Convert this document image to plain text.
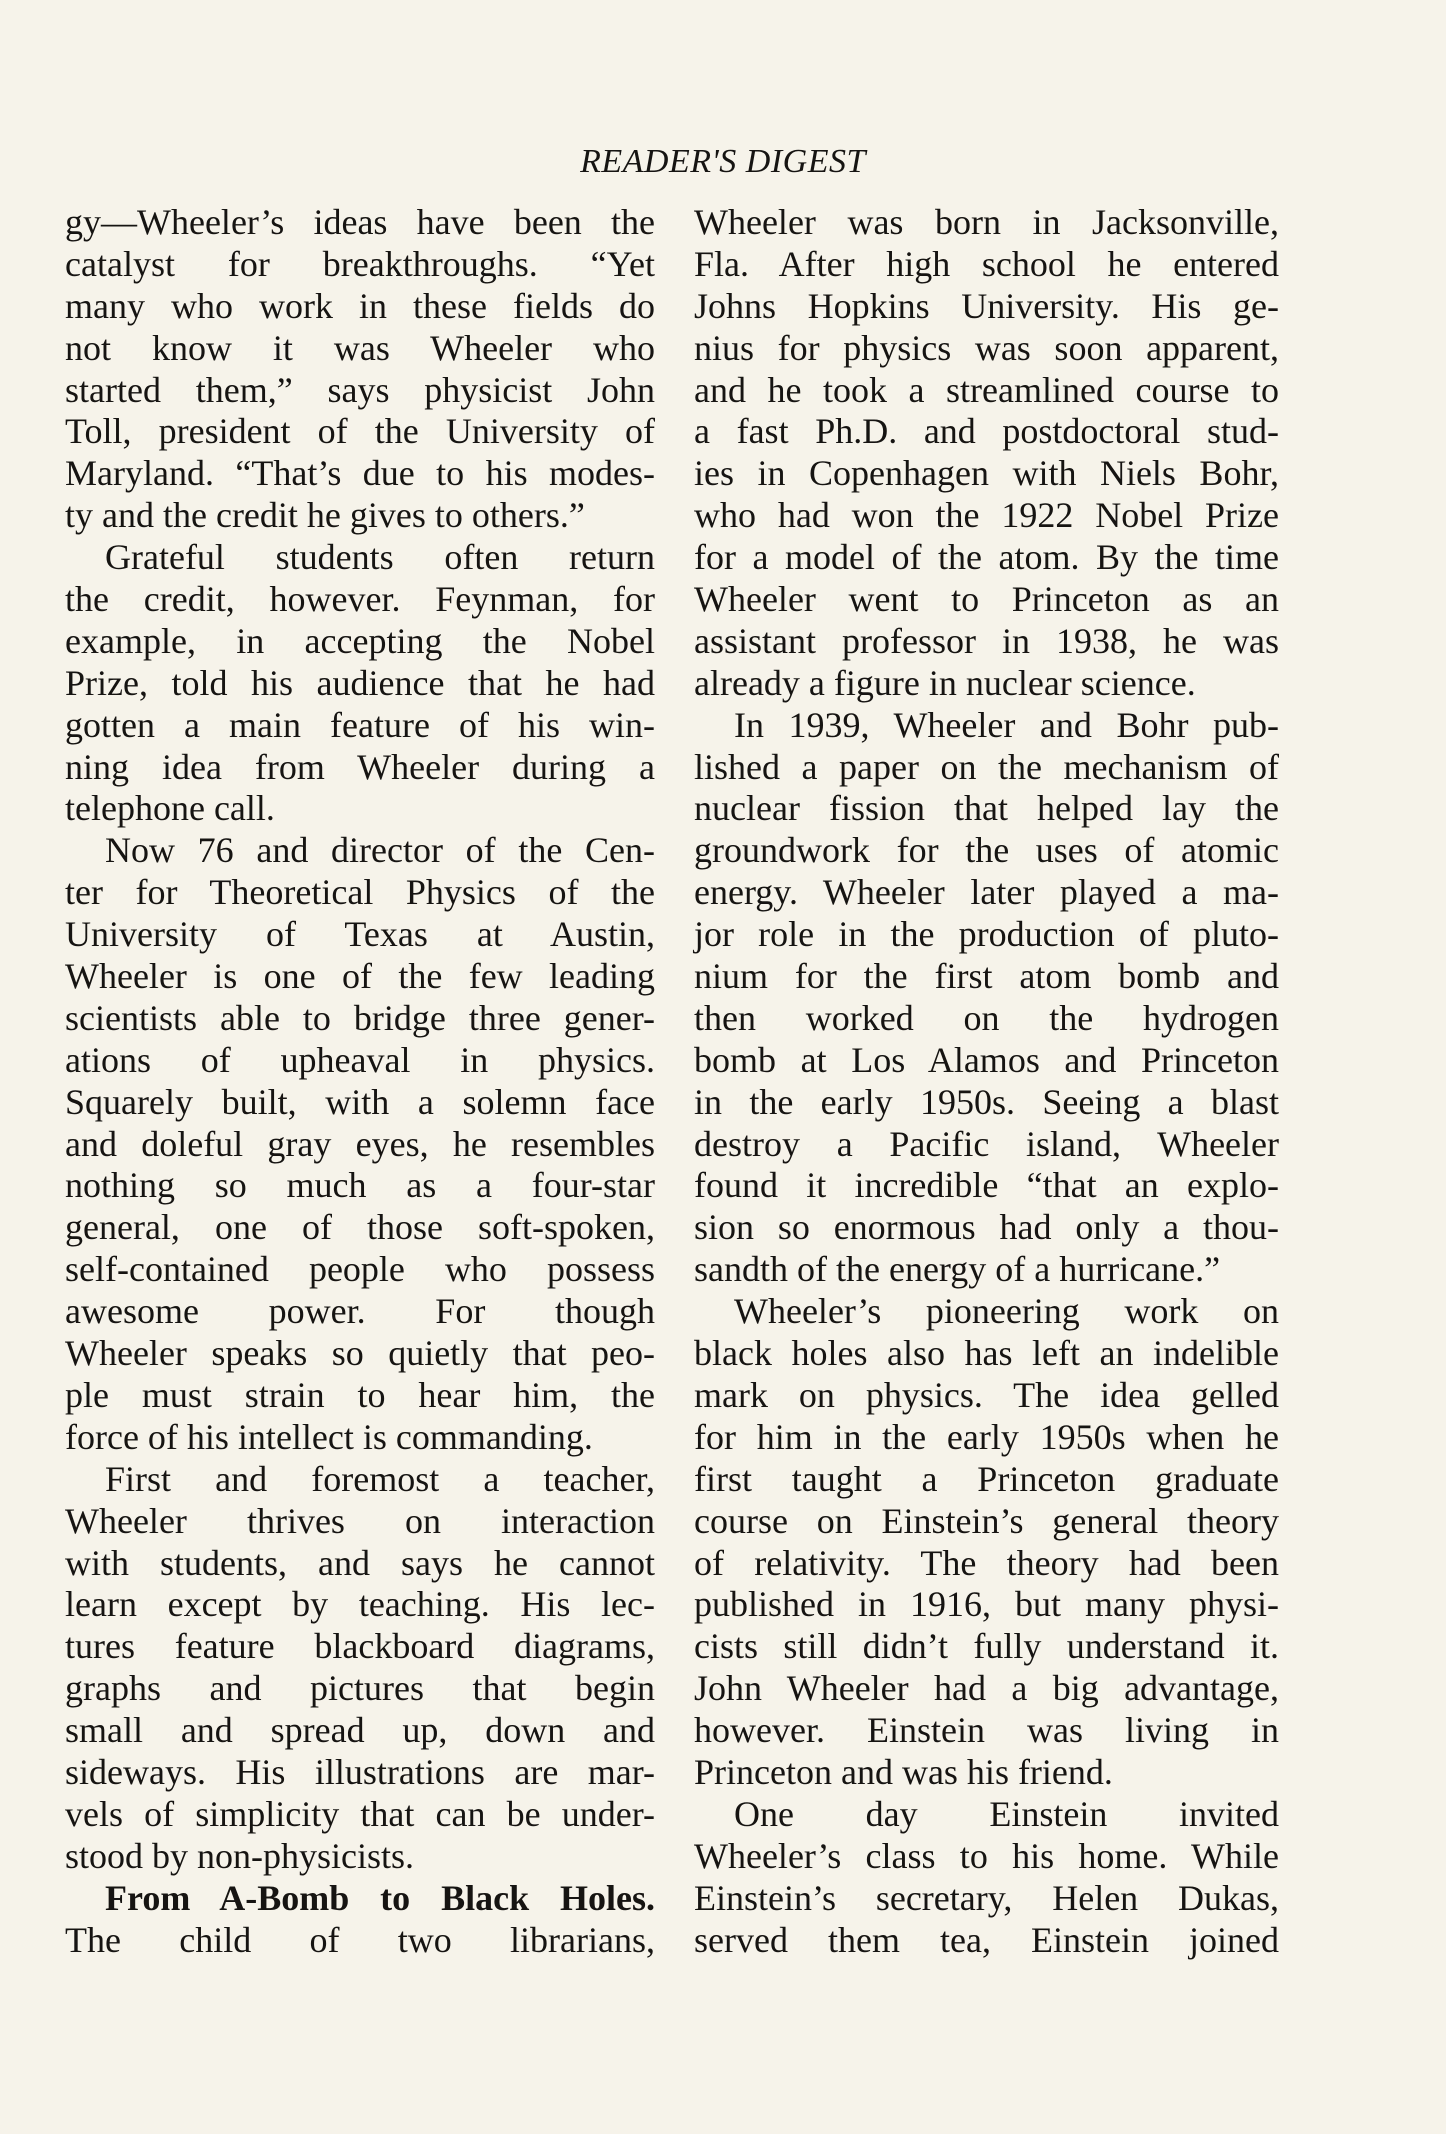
READER'S DIGEST
gy—Wheeler’s ideas have been the
catalyst for breakthroughs. “Yet
many who work in these fields do
not know it was Wheeler who
started them,” says physicist John
Toll, president of the University of
Maryland. “That’s due to his modes-
ty and the credit he gives to others.”
Grateful students often return
the credit, however. Feynman, for
example, in accepting the Nobel
Prize, told his audience that he had
gotten a main feature of his win-
ning idea from Wheeler during a
telephone call.
Now 76 and director of the Cen-
ter for Theoretical Physics of the
University of Texas at Austin,
Wheeler is one of the few leading
scientists able to bridge three gener-
ations of upheaval in physics.
Squarely built, with a solemn face
and doleful gray eyes, he resembles
nothing so much as a four-star
general, one of those soft-spoken,
self-contained people who possess
awesome power. For though
Wheeler speaks so quietly that peo-
ple must strain to hear him, the
force of his intellect is commanding.
First and foremost a teacher,
Wheeler thrives on interaction
with students, and says he cannot
learn except by teaching. His lec-
tures feature blackboard diagrams,
graphs and pictures that begin
small and spread up, down and
sideways. His illustrations are mar-
vels of simplicity that can be under-
stood by non-physicists.
From A-Bomb to Black Holes.
The child of two librarians,
Wheeler was born in Jacksonville,
Fla. After high school he entered
Johns Hopkins University. His ge-
nius for physics was soon apparent,
and he took a streamlined course to
a fast Ph.D. and postdoctoral stud-
ies in Copenhagen with Niels Bohr,
who had won the 1922 Nobel Prize
for a model of the atom. By the time
Wheeler went to Princeton as an
assistant professor in 1938, he was
already a figure in nuclear science.
In 1939, Wheeler and Bohr pub-
lished a paper on the mechanism of
nuclear fission that helped lay the
groundwork for the uses of atomic
energy. Wheeler later played a ma-
jor role in the production of pluto-
nium for the first atom bomb and
then worked on the hydrogen
bomb at Los Alamos and Princeton
in the early 1950s. Seeing a blast
destroy a Pacific island, Wheeler
found it incredible “that an explo-
sion so enormous had only a thou-
sandth of the energy of a hurricane.”
Wheeler’s pioneering work on
black holes also has left an indelible
mark on physics. The idea gelled
for him in the early 1950s when he
first taught a Princeton graduate
course on Einstein’s general theory
of relativity. The theory had been
published in 1916, but many physi-
cists still didn’t fully understand it.
John Wheeler had a big advantage,
however. Einstein was living in
Princeton and was his friend.
One day Einstein invited
Wheeler’s class to his home. While
Einstein’s secretary, Helen Dukas,
served them tea, Einstein joined
